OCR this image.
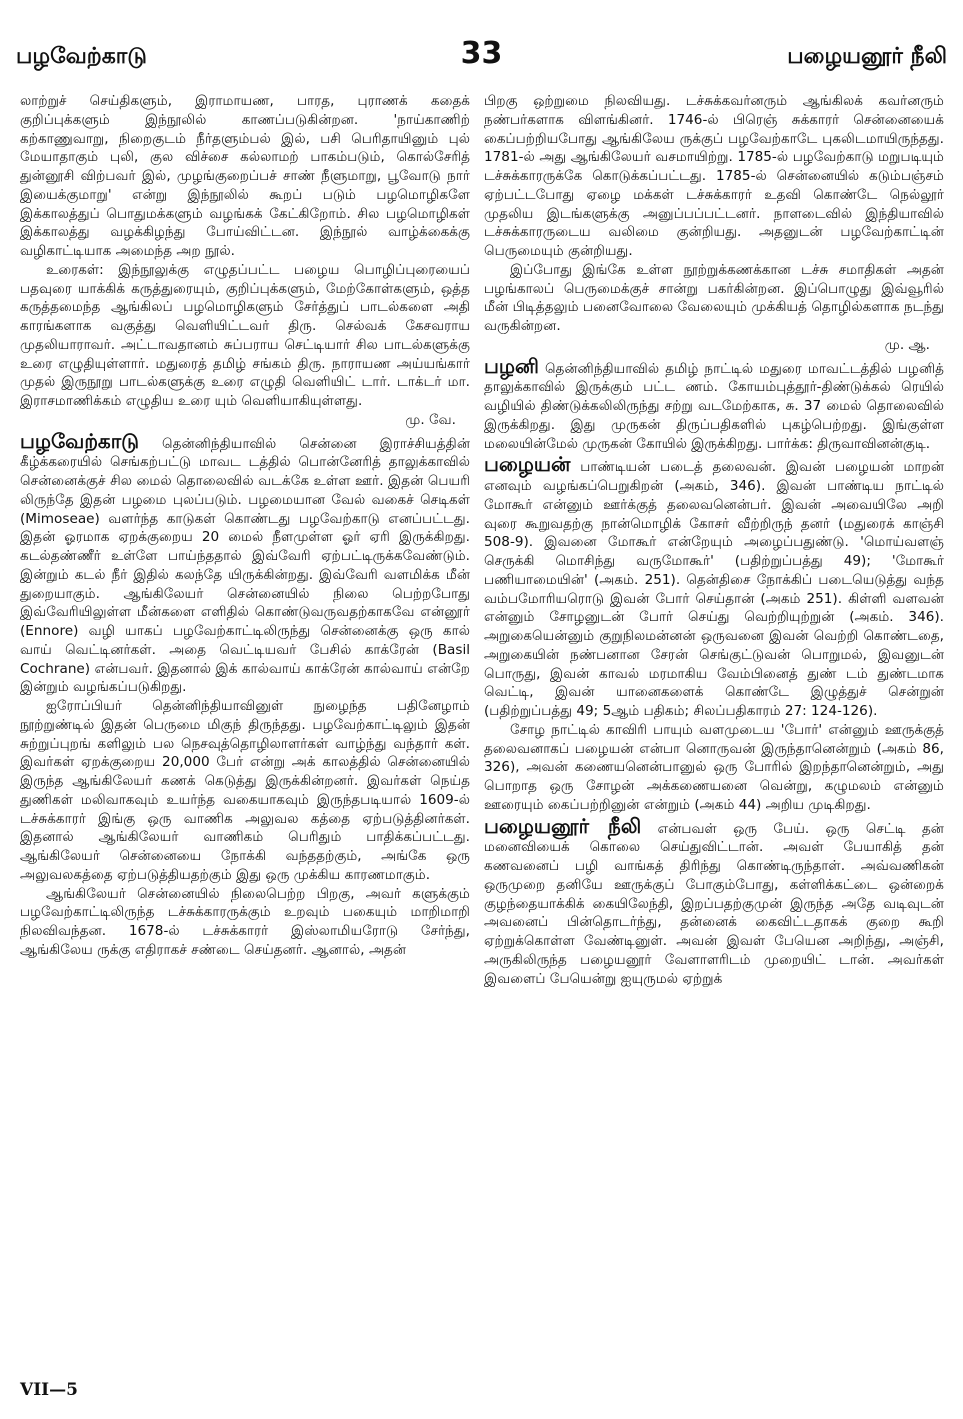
பழவேற்காடு	33	பழையனூர் நீலி

லாற்றுச் செய்திகளும், இராமாயண, பாரத, புராணக் கதைக் குறிப்புக்களும் இந்நூலில் காணப்படுகின்றன. 'நாய்காணிற் கற்காணுவாறு, நிறைகுடம் நீர்தளும்பல் இல், பசி பெரிதாயினும் புல் மேயாதாகும் புலி, குல விச்சை கல்லாமற் பாகம்படும், கொல்சேரித் துன்னூசி விற்பவர் இல், முழங்குறைப்பச் சாண் நீளுமாறு, பூவோடு நார் இயைக்குமாறு' என்று இந்நூலில் கூறப் படும் பழமொழிகளே இக்காலத்துப் பொதுமக்களும் வழங்கக் கேட்கிறோம். சில பழமொழிகள் இக்காலத்து வழக்கிழந்து போய்விட்டன. இந்நூல் வாழ்க்கைக்கு வழிகாட்டியாக அமைந்த அற நூல்.

உரைகள்: இந்நூலுக்கு எழுதப்பட்ட பழைய பொழிப்புரையைப் பதவுரை யாக்கிக் கருத்துரையும், குறிப்புக்களும், மேற்கோள்களும், ஒத்த கருத்தமைந்த ஆங்கிலப் பழமொழிகளும் சேர்த்துப் பாடல்களை அதி காரங்களாக வகுத்து வெளியிட்டவர் திரு. செல்வக் கேசவராய முதலியாராவர். அட்டாவதானம் சுப்பராய செட்டியார் சில பாடல்களுக்கு உரை எழுதியுள்ளார். மதுரைத் தமிழ் சங்கம் திரு. நாராயண அய்யங்கார் முதல் இருநூறு பாடல்களுக்கு உரை எழுதி வெளியிட் டார். டாக்டர் மா. இராசமாணிக்கம் எழுதிய உரை யும் வெளியாகியுள்ளது.

மு. வே.

பழவேற்காடு தென்னிந்தியாவில் சென்னை இராச்சியத்தின் கீழ்க்கரையில் செங்கற்பட்டு மாவட டத்தில் பொன்னேரித் தாலுக்காவில் சென்னைக்குச் சில மைல் தொலைவில் வடக்கே உள்ள ஊர். இதன் பெயரி லிருந்தே இதன் பழமை புலப்படும். பழமையான வேல் வகைச் செடிகள் (Mimoseae) வளர்ந்த காடுகள் கொண்டது பழவேற்காடு எனப்பட்டது. இதன் ஓரமாக ஏறக்குறைய 20 மைல் நீளமுள்ள ஓர் ஏரி இருக்கிறது. கடல்தண்ணீர் உள்ளே பாய்ந்ததால் இவ்வேரி ஏற்பட்டிருக்கவேண்டும். இன்றும் கடல் நீர் இதில் கலந்தே யிருக்கின்றது. இவ்வேரி வளமிக்க மீன் துறையாகும். ஆங்கிலேயர் சென்னையில் நிலை பெற்றபோது இவ்வேரியிலுள்ள மீன்களை எளிதில் கொண்டுவருவதற்காகவே என்னூர் (Ennore) வழி யாகப் பழவேற்காட்டிலிருந்து சென்னைக்கு ஒரு கால் வாய் வெட்டினர்கள். அதை வெட்டியவர் பேசில் காக்ரேன் (Basil Cochrane) என்பவர். இதனால் இக் கால்வாய் காக்ரேன் கால்வாய் என்றே இன்றும் வழங்கப்படுகிறது.

ஐரோப்பியர் தென்னிந்தியாவினுள் நுழைந்த பதினேழாம் நூற்றுண்டில் இதன் பெருமை மிகுந் திருந்தது. பழவேற்காட்டிலும் இதன் சுற்றுப்புறங் களிலும் பல நெசவுத்தொழிலாளர்கள் வாழ்ந்து வந்தார் கள். இவர்கள் ஏறக்குறைய 20,000 பேர் என்று அக் காலத்தில் சென்னையில் இருந்த ஆங்கிலேயர் கணக் கெடுத்து இருக்கின்றனர். இவர்கள் நெய்த துணிகள் மலிவாகவும் உயர்ந்த வகையாகவும் இருந்தபடியால் 1609-ல் டச்சுக்காரர் இங்கு ஒரு வாணிக அலுவல கத்தை ஏற்படுத்தினர்கள். இதனால் ஆங்கிலேயர் வாணிகம் பெரிதும் பாதிக்கப்பட்டது. ஆங்கிலேயர் சென்னையை நோக்கி வந்ததற்கும், அங்கே ஒரு அலுவலகத்தை ஏற்படுத்தியதற்கும் இது ஒரு முக்கிய காரணமாகும்.

ஆங்கிலேயர் சென்னையில் நிலைபெற்ற பிறகு, அவர் களுக்கும் பழவேற்காட்டிலிருந்த டச்சுக்காரருக்கும் உறவும் பகையும் மாறிமாறி நிலவிவந்தன. 1678-ல் டச்சுக்காரர் இஸ்லாமியரோடு சேர்ந்து, ஆங்கிலேய ருக்கு எதிராகச் சண்டை செய்தனர். ஆனால், அதன்

பிறகு ஒற்றுமை நிலவியது. டச்சுக்கவர்னரும் ஆங்கிலக் கவர்னரும் நண்பர்களாக விளங்கினர். 1746-ல் பிரெஞ் சுக்காரர் சென்னையைக் கைப்பற்றியபோது ஆங்கிலேய ருக்குப் பழவேற்காடே புகலிடமாயிருந்தது. 1781-ல் அது ஆங்கிலேயர் வசமாயிற்று. 1785-ல் பழவேற்காடு மறுபடியும் டச்சுக்காரருக்கே கொடுக்கப்பட்டது. 1785-ல் சென்னையில் கடும்பஞ்சம் ஏற்பட்டபோது ஏழை மக்கள் டச்சுக்காரர் உதவி கொண்டே நெல்லூர் முதலிய இடங்களுக்கு அனுப்பப்பட்டனர். நாளடைவில் இந்தியாவில் டச்சுக்காரருடைய வலிமை குன்றியது. அதனுடன் பழவேற்காட்டின் பெருமையும் குன்றியது.

இப்போது இங்கே உள்ள நூற்றுக்கணக்கான டச்சு சமாதிகள் அதன் பழங்காலப் பெருமைக்குச் சான்று பகர்கின்றன. இப்பொழுது இவ்வூரில் மீன் பிடித்தலும் பனைவோலை வேலையும் முக்கியத் தொழில்களாக நடந்து வருகின்றன.

மு. ஆ.

பழனி தென்னிந்தியாவில் தமிழ் நாட்டில் மதுரை மாவட்டத்தில் பழனித் தாலுக்காவில் இருக்கும் பட்ட ணம். கோயம்புத்தூர்-திண்டுக்கல் ரெயில் வழியில் திண்டுக்கலிலிருந்து சற்று வடமேற்காக, சு. 37 மைல் தொலைவில் இருக்கிறது. இது முருகன் திருப்பதிகளில் புகழ்பெற்றது. இங்குள்ள மலையின்மேல் முருகன் கோயில் இருக்கிறது. பார்க்க: திருவாவினன்குடி.

பழையன் பாண்டியன் படைத் தலைவன். இவன் பழையன் மாறன் எனவும் வழங்கப்பெறுகிறன் (அகம், 346). இவன் பாண்டிய நாட்டில் மோகூர் என்னும் ஊர்க்குத் தலைவனென்பர். இவன் அவையிலே அறி வுரை கூறுவதற்கு நான்மொழிக் கோசர் வீற்றிருந் தனர் (மதுரைக் காஞ்சி 508-9). இவனை மோகூர் என்றேயும் அழைப்பதுண்டு. 'மொய்வளஞ் செருக்கி மொசிந்து வருமோகூர்' (பதிற்றுப்பத்து 49); 'மோகூர் பணியாமையின்' (அகம். 251). தென்திசை நோக்கிப் படையெடுத்து வந்த வம்பமோரியரொடு இவன் போர் செய்தான் (அகம் 251). கிள்ளி வளவன் என்னும் சோழனுடன் போர் செய்து வெற்றியுற்றுன் (அகம். 346). அறுகையென்னும் குறுநிலமன்னன் ஒருவனை இவன் வெற்றி கொண்டதை, அறுகையின் நண்பனான சேரன் செங்குட்டுவன் பொறுமல், இவனுடன் பொருது, இவன் காவல் மரமாகிய வேம்பினைத் துண் டம் துண்டமாக வெட்டி, இவன் யானைகளைக் கொண்டே இழுத்துச் சென்றுன் (பதிற்றுப்பத்து 49; 5ஆம் பதிகம்; சிலப்பதிகாரம் 27: 124-126).

சோழ நாட்டில் காவிரி பாயும் வளமுடைய 'போர்' என்னும் ஊருக்குத் தலைவனாகப் பழையன் என்பா னொருவன் இருந்தானென்றும் (அகம் 86, 326), அவன் கணையனென்பானுல் ஒரு போரில் இறந்தானென்றும், அது பொறாத ஒரு சோழன் அக்கணையனை வென்று, கழுமலம் என்னும் ஊரையும் கைப்பற்றினுன் என்றும் (அகம் 44) அறிய முடிகிறது.

பழையனூர் நீலி என்பவள் ஒரு பேய். ஒரு செட்டி தன் மனைவியைக் கொலை செய்துவிட்டான். அவள் பேயாகித் தன் கணவனைப் பழி வாங்கத் திரிந்து கொண்டிருந்தாள். அவ்வணிகன் ஒருமுறை தனியே ஊருக்குப் போகும்போது, கள்ளிக்கட்டை ஒன்றைக் குழந்தையாக்கிக் கையிலேந்தி, இறப்பதற்குமுன் இருந்த அதே வடிவுடன் அவனைப் பின்தொடர்ந்து, தன்னைக் கைவிட்டதாகக் குறை கூறி ஏற்றுக்கொள்ள வேண்டினுள். அவன் இவள் பேயென அறிந்து, அஞ்சி, அருகிலிருந்த பழையனூர் வேளாளரிடம் முறையிட் டான். அவர்கள் இவளைப் பேயென்று ஐயுருமல் ஏற்றுக்

VII—5
